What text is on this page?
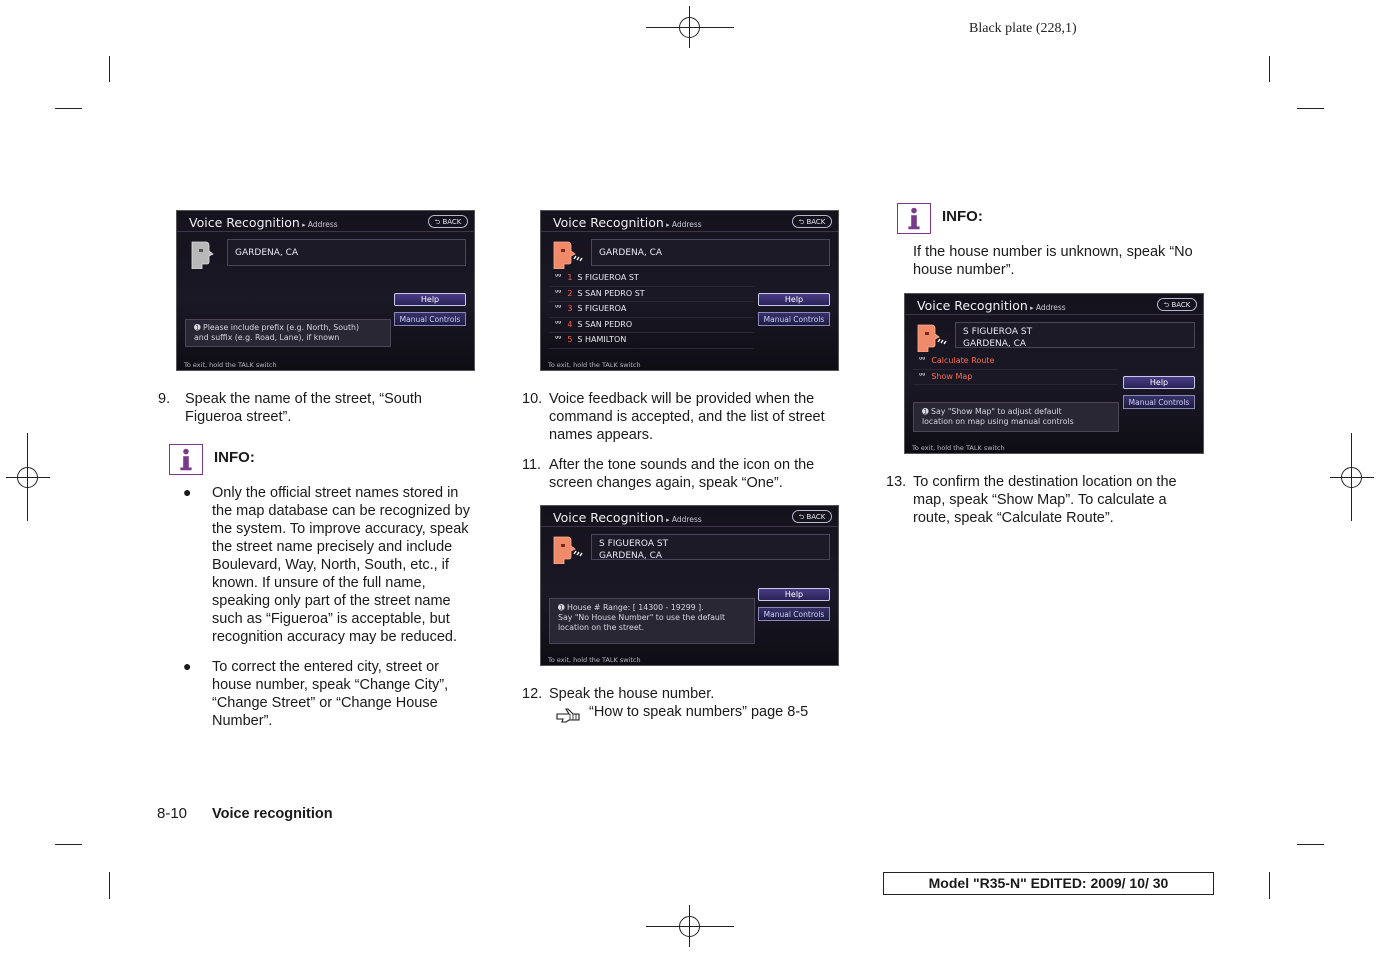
Black plate (228,1)
Voice Recognition ▸ Address	⮌ BACK
GARDENA, CA
Help
Manual Controls
➊ Please include prefix (e.g. North, South)
and suffix (e.g. Road, Lane), if known
To exit, hold the TALK switch
Voice Recognition ▸ Address	⮌ BACK
GARDENA, CA
ᐡᐡ 1 S FIGUEROA ST
ᐡᐡ 2 S SAN PEDRO ST
ᐡᐡ 3 S FIGUEROA
ᐡᐡ 4 S SAN PEDRO
ᐡᐡ 5 S HAMILTON
Help
Manual Controls
To exit, hold the TALK switch
Voice Recognition ▸ Address	⮌ BACK
S FIGUEROA ST
GARDENA, CA
Help
Manual Controls
➊ House # Range: [ 14300 - 19299 ].
Say "No House Number" to use the default
location on the street.
To exit, hold the TALK switch
Voice Recognition ▸ Address	⮌ BACK
S FIGUEROA ST
GARDENA, CA
ᐡᐡ Calculate Route
ᐡᐡ Show Map
Help
Manual Controls
➊ Say "Show Map" to adjust default
location on map using manual controls
To exit, hold the TALK switch
9. Speak the name of the street, “South
Figueroa street”.
INFO:
● Only the official street names stored in
the map database can be recognized by
the system. To improve accuracy, speak
the street name precisely and include
Boulevard, Way, North, South, etc., if
known. If unsure of the full name,
speaking only part of the street name
such as “Figueroa” is acceptable, but
recognition accuracy may be reduced.
● To correct the entered city, street or
house number, speak “Change City”,
“Change Street” or “Change House
Number”.
10. Voice feedback will be provided when the
command is accepted, and the list of street
names appears.
11. After the tone sounds and the icon on the
screen changes again, speak “One”.
12. Speak the house number.
“How to speak numbers” page 8-5
INFO:
If the house number is unknown, speak “No
house number”.
13. To confirm the destination location on the
map, speak “Show Map”. To calculate a
route, speak “Calculate Route”.
8-10 Voice recognition
Model "R35-N" EDITED: 2009/ 10/ 30
